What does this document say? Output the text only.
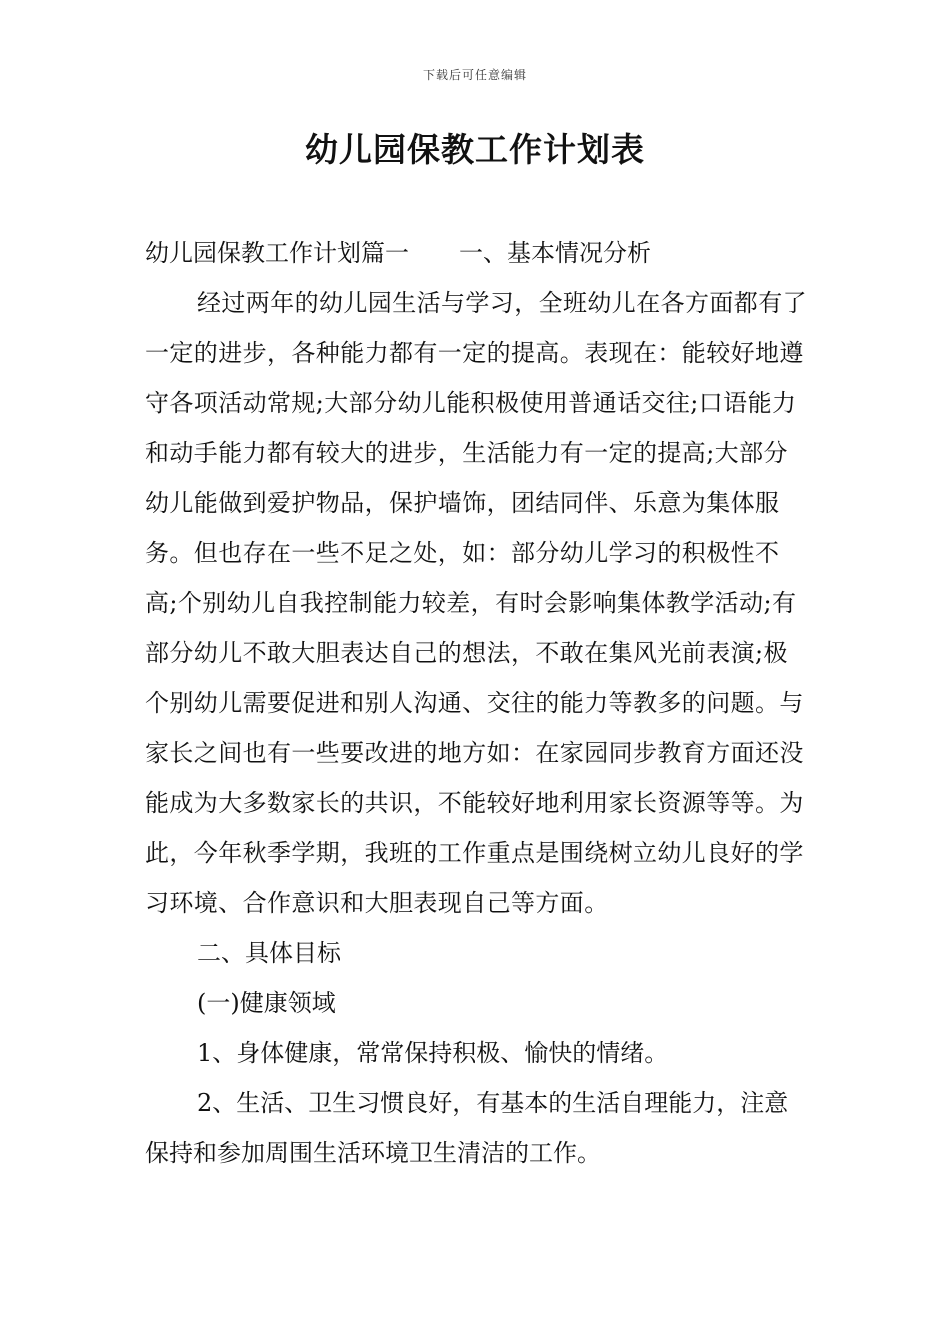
下载后可任意编辑
幼儿园保教工作计划表

幼儿园保教工作计划篇一 一、基本情况分析

经过两年的幼儿园生活与学习，全班幼儿在各方面都有了一定的进步，各种能力都有一定的提高。表现在：能较好地遵守各项活动常规;大部分幼儿能积极使用普通话交往;口语能力和动手能力都有较大的进步，生活能力有一定的提高;大部分幼儿能做到爱护物品，保护墙饰，团结同伴、乐意为集体服务。但也存在一些不足之处，如：部分幼儿学习的积极性不高;个别幼儿自我控制能力较差，有时会影响集体教学活动;有部分幼儿不敢大胆表达自己的想法，不敢在集风光前表演;极个别幼儿需要促进和别人沟通、交往的能力等教多的问题。与家长之间也有一些要改进的地方如：在家园同步教育方面还没能成为大多数家长的共识，不能较好地利用家长资源等等。为此，今年秋季学期，我班的工作重点是围绕树立幼儿良好的学习环境、合作意识和大胆表现自己等方面。

二、具体目标

(一)健康领域

1、身体健康，常常保持积极、愉快的情绪。

2、生活、卫生习惯良好，有基本的生活自理能力，注意保持和参加周围生活环境卫生清洁的工作。
